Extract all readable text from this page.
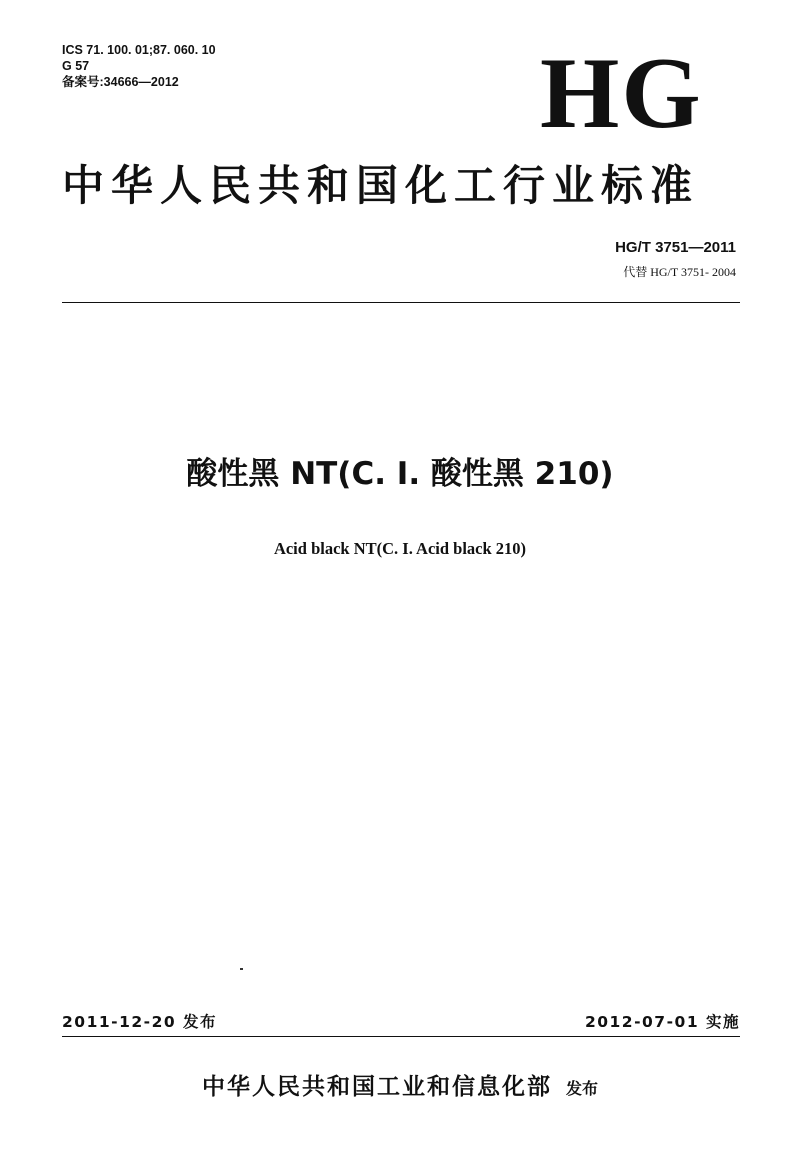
ICS 71. 100. 01;87. 060. 10
G 57
备案号:34666—2012	HG
中华人民共和国化工行业标准
HG/T 3751—2011
代替 HG/T 3751- 2004
酸性黑 NT(C. I. 酸性黑 210)
Acid black NT(C. I. Acid black 210)
2011-12-20 发布	2012-07-01 实施
中华人民共和国工业和信息化部 发布
